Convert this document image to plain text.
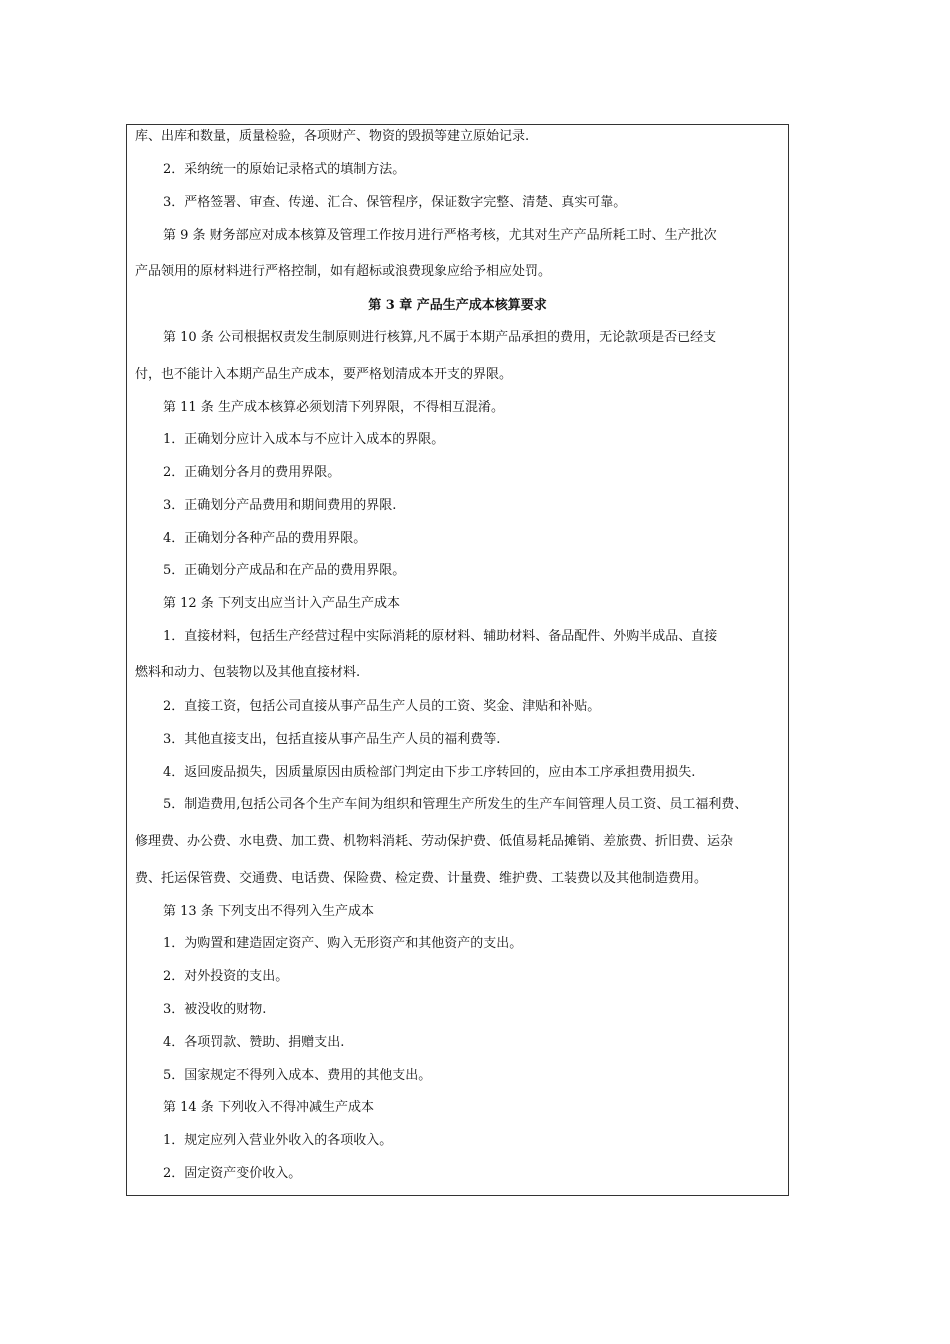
库、出库和数量，质量检验，各项财产、物资的毁损等建立原始记录.
2．采纳统一的原始记录格式的填制方法。
3．严格签署、审查、传递、汇合、保管程序，保证数字完整、清楚、真实可靠。
第 9 条 财务部应对成本核算及管理工作按月进行严格考核，尤其对生产产品所耗工时、生产批次
产品领用的原材料进行严格控制，如有超标或浪费现象应给予相应处罚。
第 3 章 产品生产成本核算要求
第 10 条 公司根据权责发生制原则进行核算,凡不属于本期产品承担的费用，无论款项是否已经支
付，也不能计入本期产品生产成本，要严格划清成本开支的界限。
第 11 条 生产成本核算必须划清下列界限，不得相互混淆。
1．正确划分应计入成本与不应计入成本的界限。
2．正确划分各月的费用界限。
3．正确划分产品费用和期间费用的界限.
4．正确划分各种产品的费用界限。
5．正确划分产成品和在产品的费用界限。
第 12 条 下列支出应当计入产品生产成本
1．直接材料，包括生产经营过程中实际消耗的原材料、辅助材料、备品配件、外购半成品、直接
燃料和动力、包装物以及其他直接材料.
2．直接工资，包括公司直接从事产品生产人员的工资、奖金、津贴和补贴。
3．其他直接支出，包括直接从事产品生产人员的福利费等.
4．返回废品损失，因质量原因由质检部门判定由下步工序转回的，应由本工序承担费用损失.
5．制造费用,包括公司各个生产车间为组织和管理生产所发生的生产车间管理人员工资、员工福利费、
修理费、办公费、水电费、加工费、机物料消耗、劳动保护费、低值易耗品摊销、差旅费、折旧费、运杂
费、托运保管费、交通费、电话费、保险费、检定费、计量费、维护费、工装费以及其他制造费用。
第 13 条 下列支出不得列入生产成本
1．为购置和建造固定资产、购入无形资产和其他资产的支出。
2．对外投资的支出。
3．被没收的财物.
4．各项罚款、赞助、捐赠支出.
5．国家规定不得列入成本、费用的其他支出。
第 14 条 下列收入不得冲减生产成本
1．规定应列入营业外收入的各项收入。
2．固定资产变价收入。
